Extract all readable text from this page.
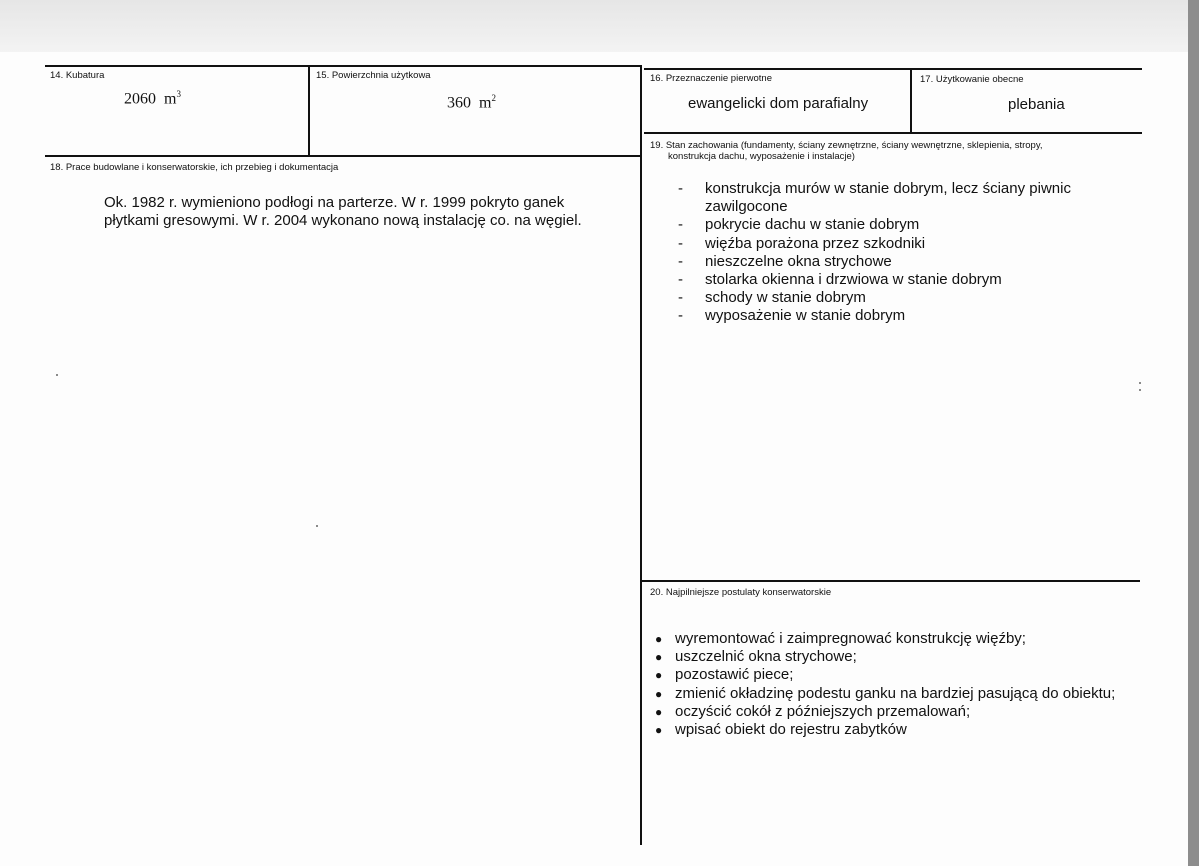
14. Kubatura
2060 $m^3$
15. Powierzchnia użytkowa
360 $m^2$
16. Przeznaczenie pierwotne
ewangelicki dom parafialny
17. Użytkowanie obecne
plebania
18. Prace budowlane i konserwatorskie, ich przebieg i dokumentacja
Ok. 1982 r. wymieniono podłogi na parterze. W r. 1999 pokryto ganek
płytkami gresowymi. W r. 2004 wykonano nową instalację co. na węgiel.
19. Stan zachowania (fundamenty, ściany zewnętrzne, ściany wewnętrzne, sklepienia, stropy,
konstrukcja dachu, wyposażenie i instalacje)
-	konstrukcja murów w stanie dobrym, lecz ściany piwnic
zawilgocone
-	pokrycie dachu w stanie dobrym
-	więźba porażona przez szkodniki
-	nieszczelne okna strychowe
-	stolarka okienna i drzwiowa w stanie dobrym
-	schody w stanie dobrym
-	wyposażenie w stanie dobrym
20. Najpilniejsze postulaty konserwatorskie
● wyremontować i zaimpregnować konstrukcję więźby;
● uszczelnić okna strychowe;
● pozostawić piece;
● zmienić okładzinę podestu ganku na bardziej pasującą do obiektu;
● oczyścić cokół z późniejszych przemalowań;
● wpisać obiekt do rejestru zabytków
